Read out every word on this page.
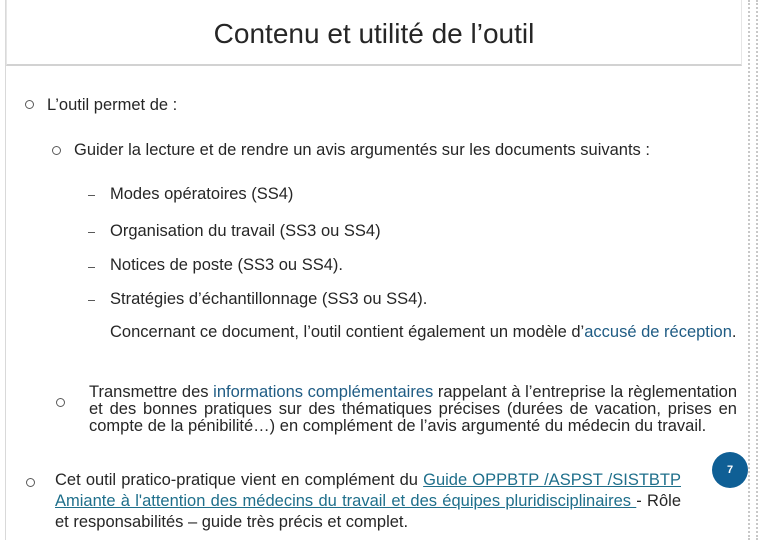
Contenu et utilité de l’outil
L’outil permet de :
Guider la lecture et de rendre un avis argumentés sur les documents suivants :
Modes opératoires (SS4)
Organisation du travail (SS3 ou SS4)
Notices de poste (SS3 ou SS4).
Stratégies d’échantillonnage (SS3 ou SS4).
Concernant ce document, l’outil contient également un modèle d’accusé de réception.
Transmettre des informations complémentaires rappelant à l’entreprise la règlementation et des bonnes pratiques sur des thématiques précises (durées de vacation, prises en compte de la pénibilité…) en complément de l’avis argumenté du médecin du travail.
Cet outil pratico-pratique vient en complément du Guide OPPBTP /ASPST /SISTBTP Amiante à l'attention des médecins du travail et des équipes pluridisciplinaires - Rôle et responsabilités – guide très précis et complet.
7
